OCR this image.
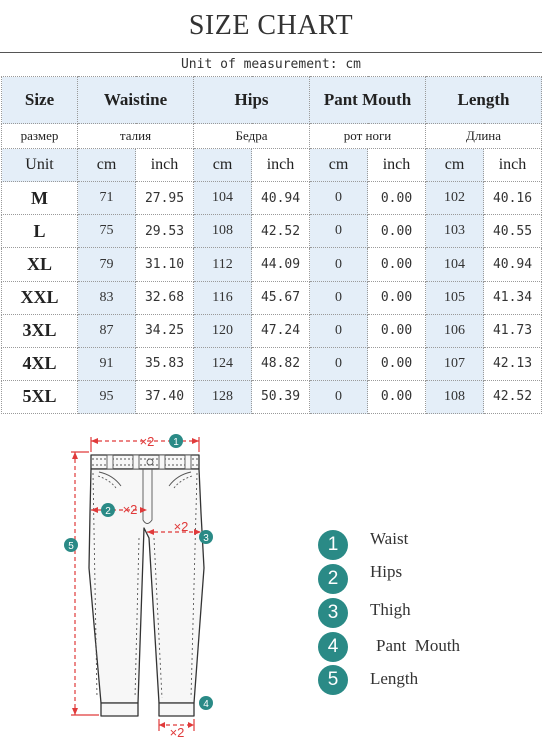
SIZE CHART
Unit of measurement: cm
Size	Waistine		Hips		Pant Mouth		Length	
размер	талия		Бедра		рот ноги		Длина	
Unit	cm	inch	cm	inch	cm	inch	cm	inch
M	71	27.95	104	40.94	0	0.00	102	40.16
L	75	29.53	108	42.52	0	0.00	103	40.55
XL	79	31.10	112	44.09	0	0.00	104	40.94
XXL	83	32.68	116	45.67	0	0.00	105	41.34
3XL	87	34.25	120	47.24	0	0.00	106	41.73
4XL	91	35.83	124	48.82	0	0.00	107	42.13
5XL	95	37.40	128	50.39	0	0.00	108	42.52
×2
×2
×2
×2
1
2
3
4
5	1	Waist
2	Hips
3	Thigh
4	Pant  Mouth
5	Length
